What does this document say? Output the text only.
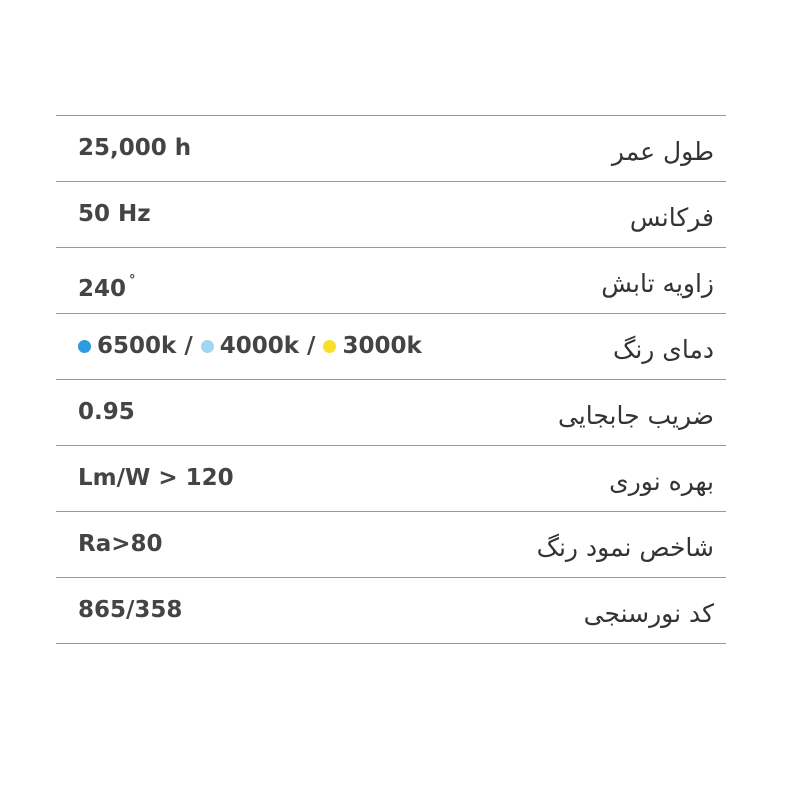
25,000 h	طول عمر
50 Hz	فرکانس
240 °	زاویه تابش
6500k / 4000k / 3000k	دمای رنگ
0.95	ضریب جابجایی
Lm/W > 120	بهره نوری
Ra>80	شاخص نمود رنگ
865/358	کد نورسنجی
